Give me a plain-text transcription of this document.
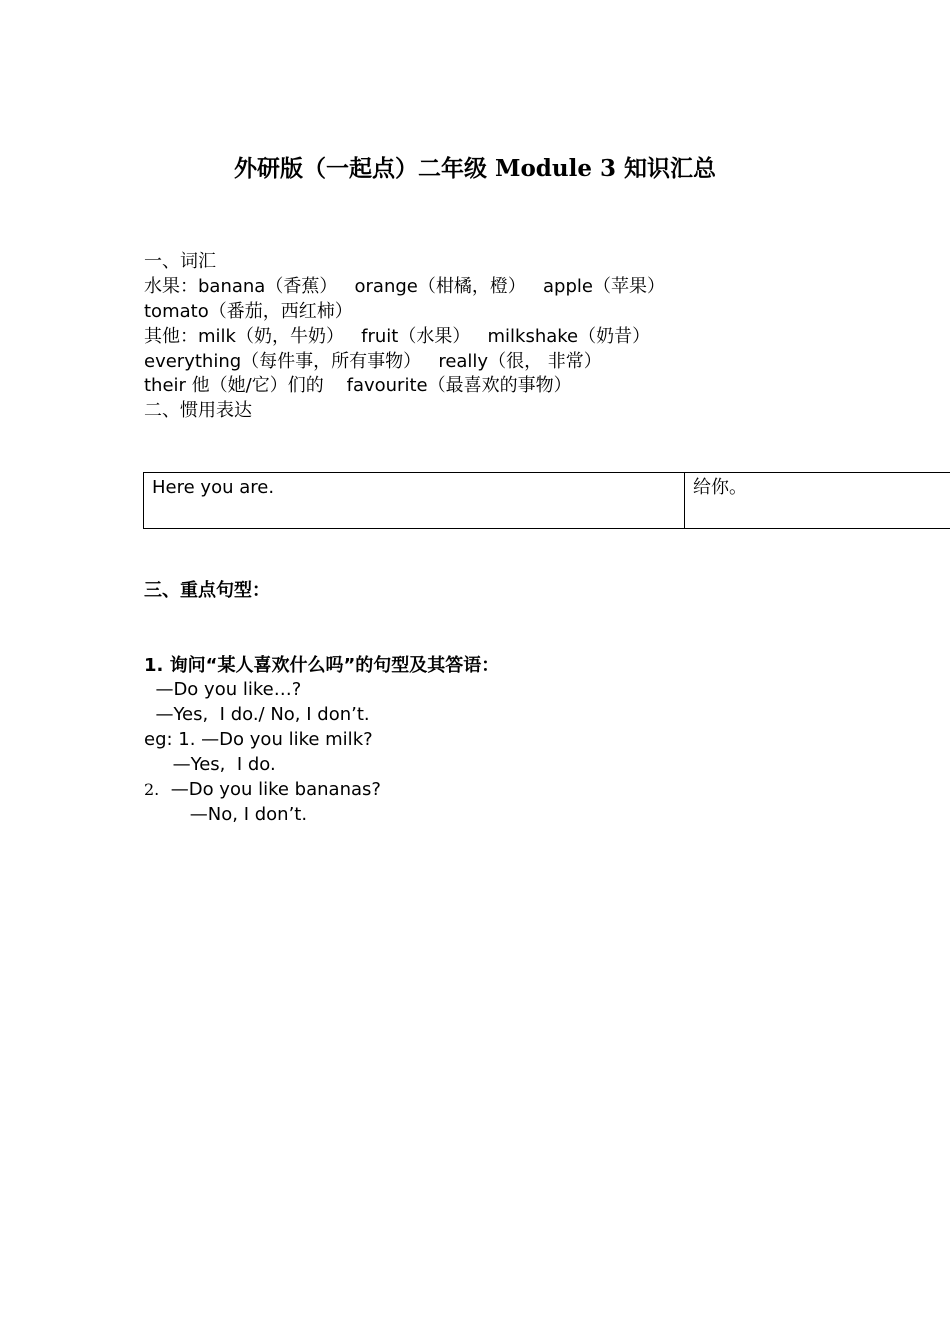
外研版（一起点）二年级 Module 3 知识汇总
一、词汇
水果：banana（香蕉）   orange（柑橘，橙）   apple（苹果）
tomato（番茄，西红柿）
其他：milk（奶，牛奶）   fruit（水果）   milkshake（奶昔）
everything（每件事，所有事物）   really（很， 非常）
their 他（她/它）们的    favourite（最喜欢的事物）
二、惯用表达
Here you are.	给你。
三、重点句型：
1. 询问“某人喜欢什么吗”的句型及其答语：
—Do you like…?
—Yes,  I do./ No, I don’t.
eg: 1. —Do you like milk?
—Yes,  I do.
2.  —Do you like bananas?
—No, I don’t.
